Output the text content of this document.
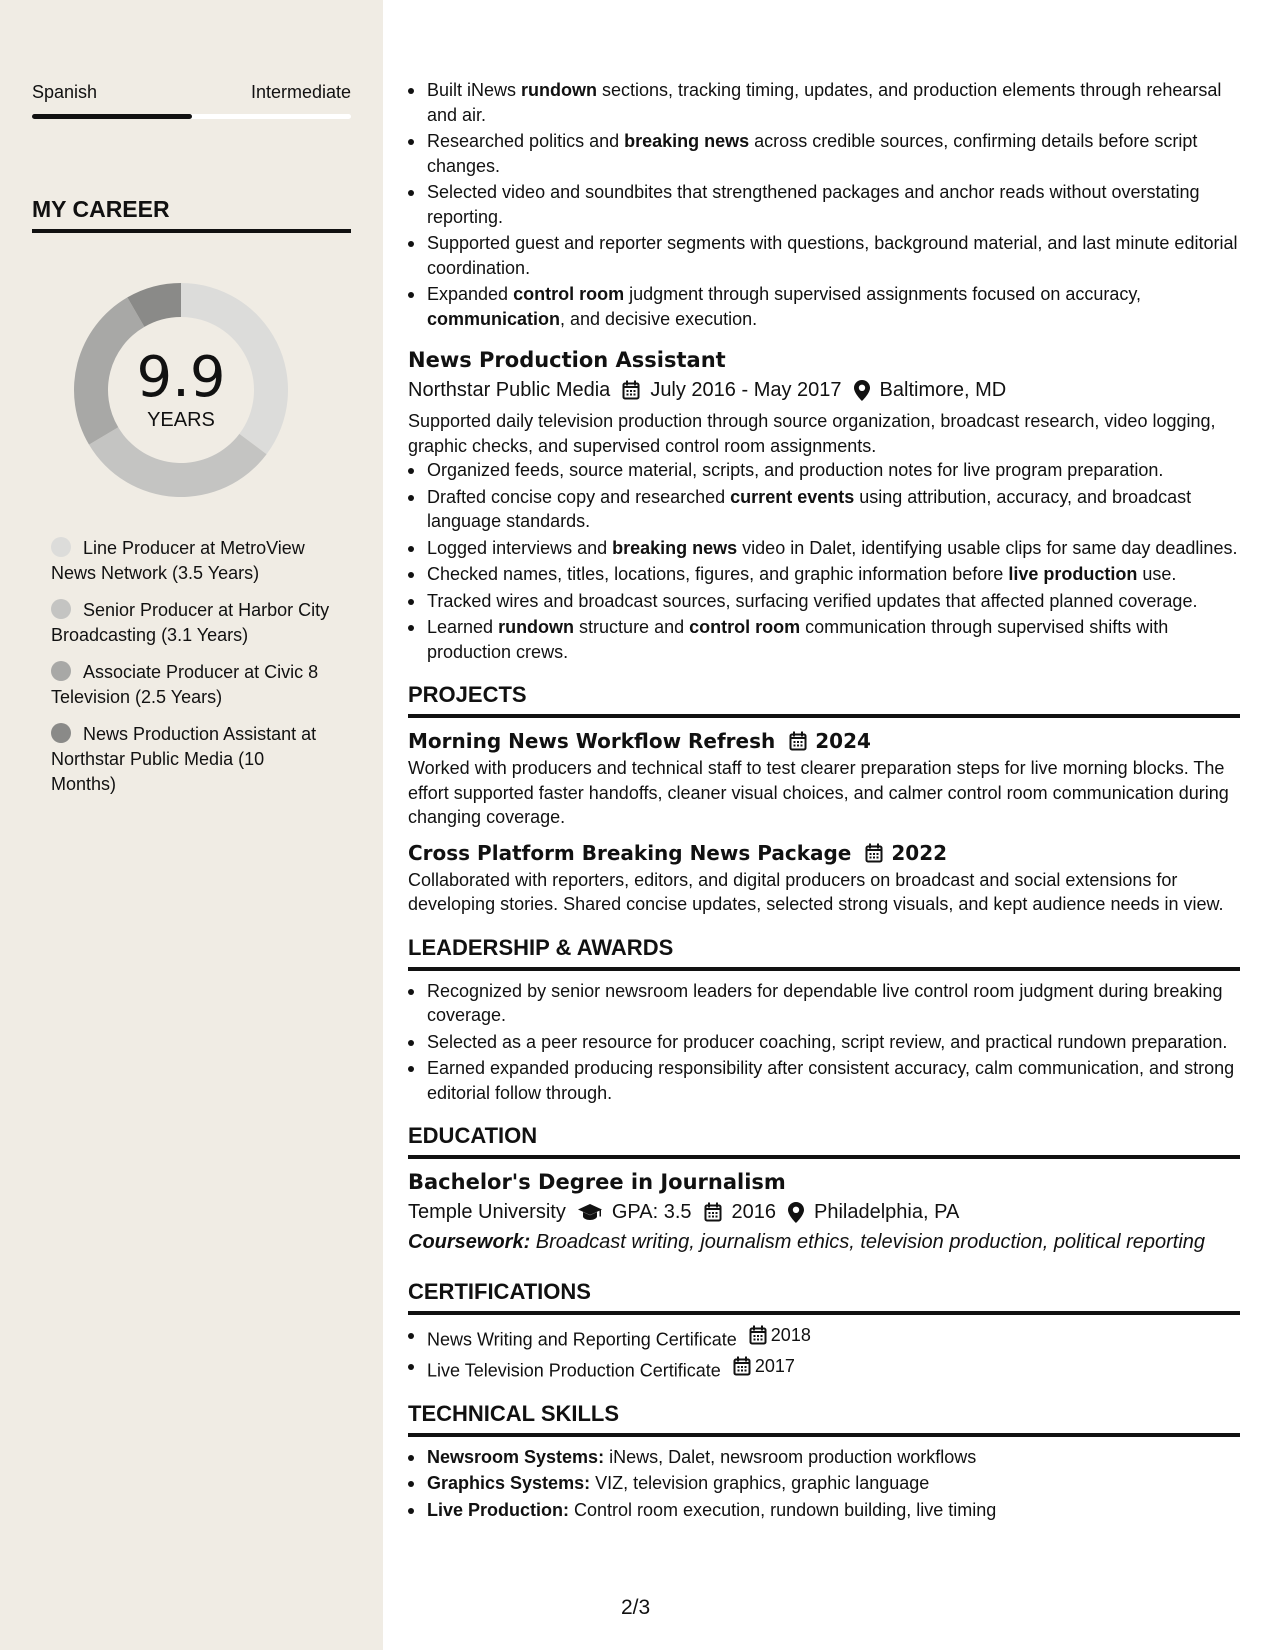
Spanish	Intermediate
MY CAREER
9.9
YEARS
Line Producer at MetroView News Network (3.5 Years)
Senior Producer at Harbor City Broadcasting (3.1 Years)
Associate Producer at Civic 8 Television (2.5 Years)
News Production Assistant at Northstar Public Media (10 Months)
Built iNews rundown sections, tracking timing, updates, and production elements through rehearsal and air.
Researched politics and breaking news across credible sources, confirming details before script changes.
Selected video and soundbites that strengthened packages and anchor reads without overstating reporting.
Supported guest and reporter segments with questions, background material, and last minute editorial coordination.
Expanded control room judgment through supervised assignments focused on accuracy, communication, and decisive execution.
News Production Assistant
Northstar Public Media July 2016 - May 2017 Baltimore, MD
Supported daily television production through source organization, broadcast research, video logging, graphic checks, and supervised control room assignments.
Organized feeds, source material, scripts, and production notes for live program preparation.
Drafted concise copy and researched current events using attribution, accuracy, and broadcast language standards.
Logged interviews and breaking news video in Dalet, identifying usable clips for same day deadlines.
Checked names, titles, locations, figures, and graphic information before live production use.
Tracked wires and broadcast sources, surfacing verified updates that affected planned coverage.
Learned rundown structure and control room communication through supervised shifts with production crews.
PROJECTS
Morning News Workflow Refresh 2024
Worked with producers and technical staff to test clearer preparation steps for live morning blocks. The effort supported faster handoffs, cleaner visual choices, and calmer control room communication during changing coverage.
Cross Platform Breaking News Package 2022
Collaborated with reporters, editors, and digital producers on broadcast and social extensions for developing stories. Shared concise updates, selected strong visuals, and kept audience needs in view.
LEADERSHIP & AWARDS
Recognized by senior newsroom leaders for dependable live control room judgment during breaking coverage.
Selected as a peer resource for producer coaching, script review, and practical rundown preparation.
Earned expanded producing responsibility after consistent accuracy, calm communication, and strong editorial follow through.
EDUCATION
Bachelor's Degree in Journalism
Temple University GPA: 3.5 2016 Philadelphia, PA
Coursework: Broadcast writing, journalism ethics, television production, political reporting
CERTIFICATIONS
News Writing and Reporting Certificate 2018
Live Television Production Certificate 2017
TECHNICAL SKILLS
Newsroom Systems: iNews, Dalet, newsroom production workflows
Graphics Systems: VIZ, television graphics, graphic language
Live Production: Control room execution, rundown building, live timing
2/3
